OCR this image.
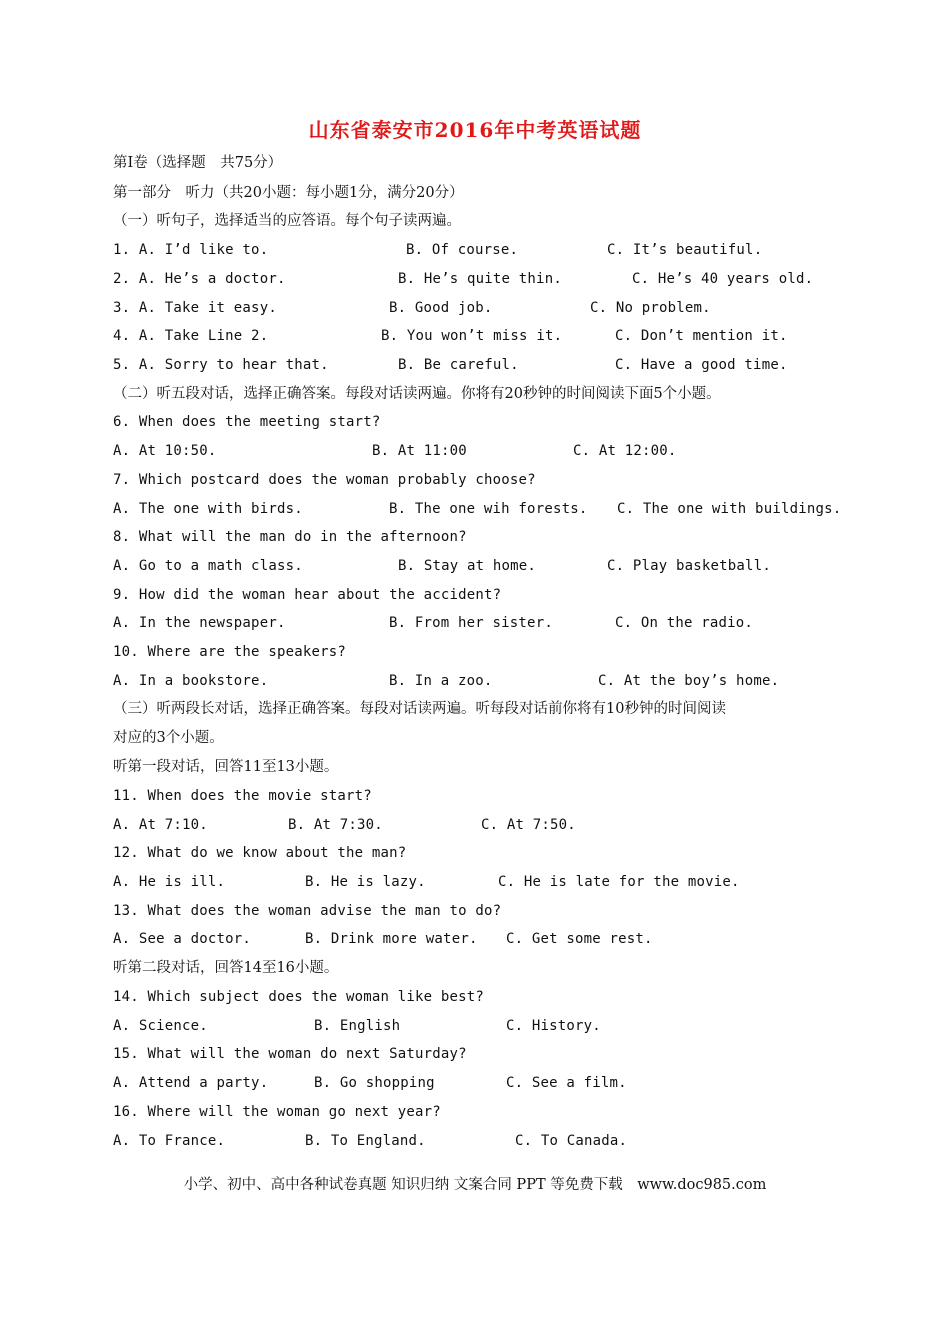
山东省泰安市2016年中考英语试题
第Ⅰ卷（选择题　共75分）
第一部分　听力（共20小题：每小题1分，满分20分）
（一）听句子，选择适当的应答语。每个句子读两遍。
1. A. I’d like to.	B. Of course.	C. It’s beautiful.
2. A. He’s a doctor.	B. He’s quite thin.	C. He’s 40 years old.
3. A. Take it easy.	B. Good job.	C. No problem.
4. A. Take Line 2.	B. You won’t miss it.	C. Don’t mention it.
5. A. Sorry to hear that.	B. Be careful.	C. Have a good time.
（二）听五段对话，选择正确答案。每段对话读两遍。你将有20秒钟的时间阅读下面5个小题。
6. When does the meeting start?
A. At 10:50.	B. At 11:00	C. At 12:00.
7. Which postcard does the woman probably choose?
A. The one with birds.	B. The one wih forests. C. The one with buildings.
8. What will the man do in the afternoon?
A. Go to a math class.	B. Stay at home.	C. Play basketball.
9. How did the woman hear about the accident?
A. In the newspaper.	B. From her sister.	C. On the radio.
10. Where are the speakers?
A. In a bookstore.	B. In a zoo.	C. At the boy’s home.
（三）听两段长对话，选择正确答案。每段对话读两遍。听每段对话前你将有10秒钟的时间阅读
对应的3个小题。
听第一段对话，回答11至13小题。
11. When does the movie start?
A. At 7:10.	B. At 7:30.	C. At 7:50.
12. What do we know about the man?
A. He is ill.	B. He is lazy.	C. He is late for the movie.
13. What does the woman advise the man to do?
A. See a doctor.	B. Drink more water. C. Get some rest.
听第二段对话，回答14至16小题。
14. Which subject does the woman like best?
A. Science.	B. English	C. History.
15. What will the woman do next Saturday?
A. Attend a party.	B. Go shopping	C. See a film.
16. Where will the woman go next year?
A. To France.	B. To England.	C. To Canada.
小学、初中、高中各种试卷真题 知识归纳 文案合同 PPT 等免费下载　www.doc985.com
